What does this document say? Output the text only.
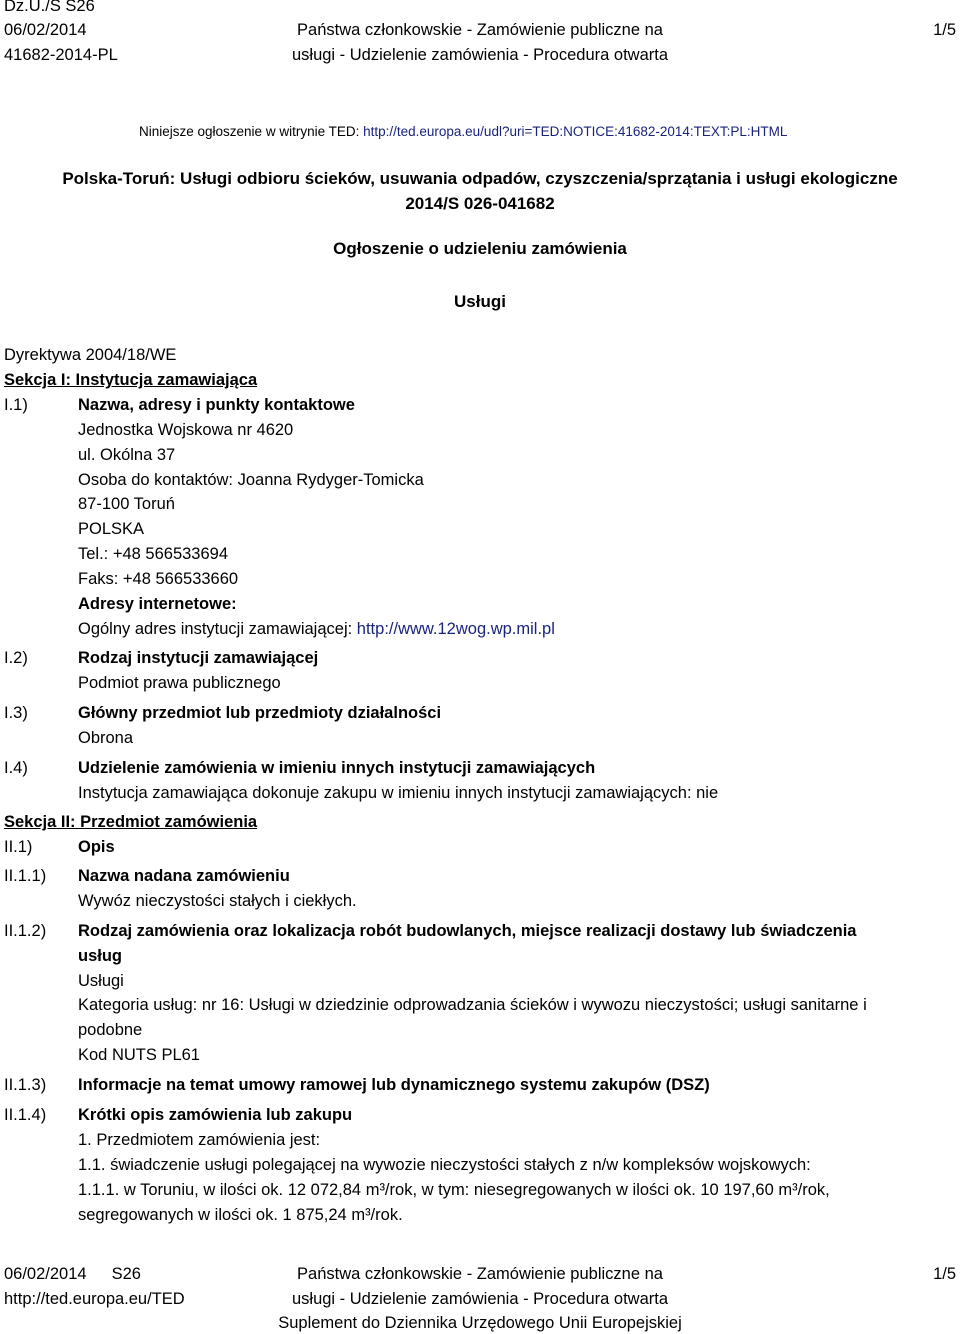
Dz.U./S S26
06/02/2014
41682-2014-PL
Państwa członkowskie - Zamówienie publiczne na
usługi - Udzielenie zamówienia - Procedura otwarta
1/5
Niniejsze ogłoszenie w witrynie TED: http://ted.europa.eu/udl?uri=TED:NOTICE:41682-2014:TEXT:PL:HTML
Polska-Toruń: Usługi odbioru ścieków, usuwania odpadów, czyszczenia/sprzątania i usługi ekologiczne
2014/S 026-041682
Ogłoszenie o udzieleniu zamówienia
Usługi
Dyrektywa 2004/18/WE
Sekcja I: Instytucja zamawiająca
I.1)	Nazwa, adresy i punkty kontaktowe
Jednostka Wojskowa nr 4620
ul. Okólna 37
Osoba do kontaktów: Joanna Rydyger-Tomicka
87-100 Toruń
POLSKA
Tel.: +48 566533694
Faks: +48 566533660
Adresy internetowe:
Ogólny adres instytucji zamawiającej: http://www.12wog.wp.mil.pl
I.2)	Rodzaj instytucji zamawiającej
Podmiot prawa publicznego
I.3)	Główny przedmiot lub przedmioty działalności
Obrona
I.4)	Udzielenie zamówienia w imieniu innych instytucji zamawiających
Instytucja zamawiająca dokonuje zakupu w imieniu innych instytucji zamawiających: nie
Sekcja II: Przedmiot zamówienia
II.1)	Opis
II.1.1) Nazwa nadana zamówieniu
Wywóz nieczystości stałych i ciekłych.
II.1.2) Rodzaj zamówienia oraz lokalizacja robót budowlanych, miejsce realizacji dostawy lub świadczenia
usług
Usługi
Kategoria usług: nr 16: Usługi w dziedzinie odprowadzania ścieków i wywozu nieczystości; usługi sanitarne i
podobne
Kod NUTS PL61
II.1.3) Informacje na temat umowy ramowej lub dynamicznego systemu zakupów (DSZ)
II.1.4) Krótki opis zamówienia lub zakupu
1. Przedmiotem zamówienia jest:
1.1. świadczenie usługi polegającej na wywozie nieczystości stałych z n/w kompleksów wojskowych:
1.1.1. w Toruniu, w ilości ok. 12 072,84 m³/rok, w tym: niesegregowanych w ilości ok. 10 197,60 m³/rok,
segregowanych w ilości ok. 1 875,24 m³/rok.
06/02/2014 S26
http://ted.europa.eu/TED
Państwa członkowskie - Zamówienie publiczne na
usługi - Udzielenie zamówienia - Procedura otwarta
Suplement do Dziennika Urzędowego Unii Europejskiej
1/5
